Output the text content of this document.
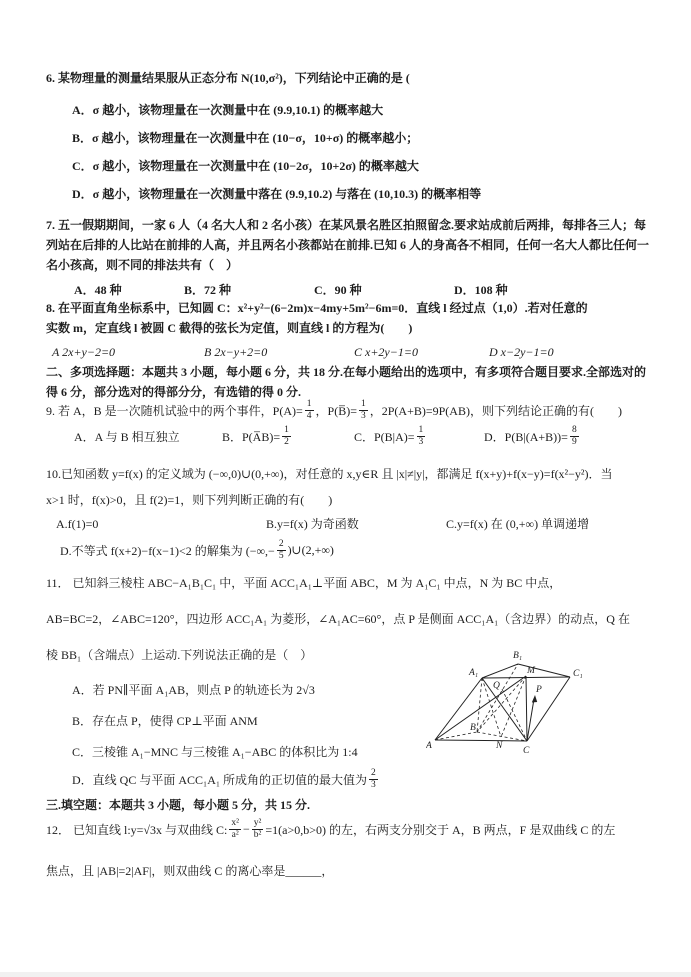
6. 某物理量的测量结果服从正态分布 N(10,σ²)，下列结论中正确的是 (
A．σ 越小，该物理量在一次测量中在 (9.9,10.1) 的概率越大
B．σ 越小，该物理量在一次测量中在 (10−σ，10+σ) 的概率越小；
C．σ 越小，该物理量在一次测量中在 (10−2σ，10+2σ) 的概率越大
D．σ 越小，该物理量在一次测量中落在 (9.9,10.2) 与落在 (10,10.3) 的概率相等
7. 五一假期期间，一家 6 人（4 名大人和 2 名小孩）在某风景名胜区拍照留念.要求站成前后两排，每排各三人；每
列站在后排的人比站在前排的人高，并且两名小孩都站在前排.已知 6 人的身高各不相同，任何一名大人都比任何一
名小孩高，则不同的排法共有（　）
A．48 种	B．72 种	C．90 种	D．108 种
8. 在平面直角坐标系中，已知圆 C：x²+y²−(6−2m)x−4my+5m²−6m=0．直线 l 经过点（1,0）.若对任意的
实数 m，定直线 l 被圆 C 截得的弦长为定值，则直线 l 的方程为(　　)
A 2x+y−2=0	B 2x−y+2=0	C x+2y−1=0	D x−2y−1=0
二、多项选择题：本题共 3 小题，每小题 6 分，共 18 分.在每小题给出的选项中，有多项符合题目要求.全部选对的
得 6 分，部分选对的得部分分，有选错的得 0 分.
9. 若 A，B 是一次随机试验中的两个事件，$P(A)= \frac{1}{4}$ ，P(B̅)= $\frac{1}{3}$ ，2P(A+B)=9P(AB)，则下列结论正确的有(　　)
A．A 与 B 相互独立	B．P(A̅B)= $\frac{1}{2}$	C．$P(B|A)= \frac{1}{3}$	D．$P(B|(A+B))= \frac{8}{9}$
10.已知函数 y=f(x) 的定义域为 (−∞,0)∪(0,+∞)，对任意的 x,y∈R 且 |x|≠|y|，都满足 f(x+y)+f(x−y)=f(x²−y²)．当
x>1 时，f(x)>0，且 f(2)=1，则下列判断正确的有(　　)
A.f(1)=0	B.y=f(x) 为奇函数	C.y=f(x) 在 (0,+∞) 单调递增
D.不等式 f(x+2)−f(x−1)<2 的解集为 (−∞,− $\frac{2}{5}$ )∪(2,+∞)
11． 已知斜三棱柱 ABC−A₁B₁C₁ 中，平面 ACC₁A₁⊥平面 ABC，M 为 A₁C₁ 中点，N 为 BC 中点，
AB=BC=2，∠ABC=120°，四边形 ACC₁A₁ 为菱形，∠A₁AC=60°，点 P 是侧面 ACC₁A₁（含边界）的动点，Q 在
棱 BB₁（含端点）上运动.下列说法正确的是（　）
A．若 PN∥平面 A₁AB，则点 P 的轨迹长为 2√3
B．存在点 P，使得 CP⊥平面 ANM
C．三棱锥 A₁−MNC 与三棱锥 A₁−ABC 的体积比为 1:4
D．直线 QC 与平面 ACC₁A₁ 所成角的正切值的最大值为 $\frac{2}{3}$
A
B
C
N
A₁
B₁
C₁
M
Q	P
三.填空题：本题共 3 小题，每小题 5 分，共 15 分.
12． 已知直线 l:y=√3x 与双曲线 C: $\frac{\text{x²}}{\text{a²}} - \frac{\text{y²}}{\text{b²}} =1(a>0,b>0)$ 的左，右两支分别交于 A，B 两点，F 是双曲线 C 的左
焦点，且 |AB|=2|AF|，则双曲线 C 的离心率是______，
